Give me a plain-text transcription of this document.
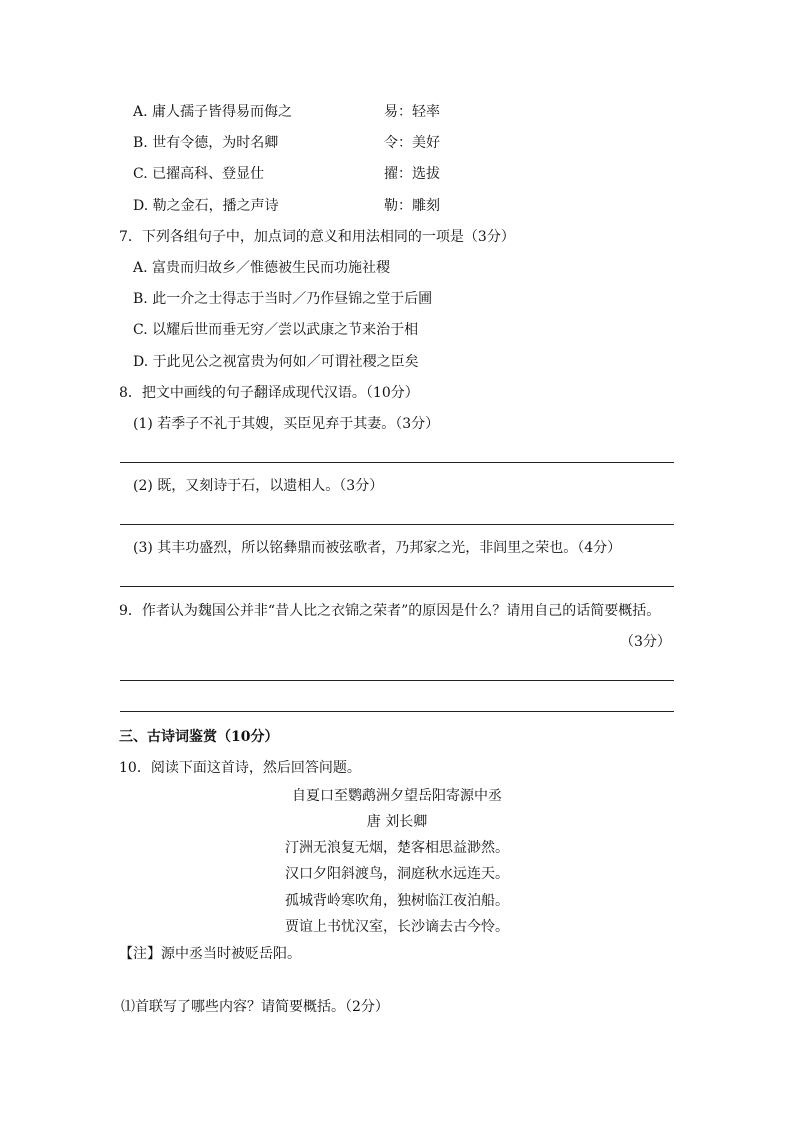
A. 庸人孺子皆得易而侮之	易：轻率
B. 世有令德，为时名卿	令：美好
C. 已擢高科、登显仕	擢：选拔
D. 勒之金石，播之声诗	勒：雕刻
7．下列各组句子中，加点词的意义和用法相同的一项是（3分）
A. 富贵而归故乡／惟德被生民而功施社稷
B. 此一介之士得志于当时／乃作昼锦之堂于后圃
C. 以耀后世而垂无穷／尝以武康之节来治于相
D. 于此见公之视富贵为何如／可谓社稷之臣矣
8．把文中画线的句子翻译成现代汉语。（10分）
(1) 若季子不礼于其嫂，买臣见弃于其妻。（3分）
(2) 既，又刻诗于石，以遗相人。（3分）
(3) 其丰功盛烈，所以铭彝鼎而被弦歌者，乃邦家之光，非闾里之荣也。（4分）
9．作者认为魏国公并非“昔人比之衣锦之荣者”的原因是什么？请用自己的话简要概括。
（3分）
三、古诗词鉴赏（10分）
10．阅读下面这首诗，然后回答问题。
自夏口至鹦鹉洲夕望岳阳寄源中丞
唐 刘长卿
汀洲无浪复无烟，楚客相思益渺然。
汉口夕阳斜渡鸟，洞庭秋水远连天。
孤城背岭寒吹角，独树临江夜泊船。
贾谊上书忧汉室，长沙谪去古今怜。
【注】源中丞当时被贬岳阳。
⑴首联写了哪些内容？请简要概括。（2分）
